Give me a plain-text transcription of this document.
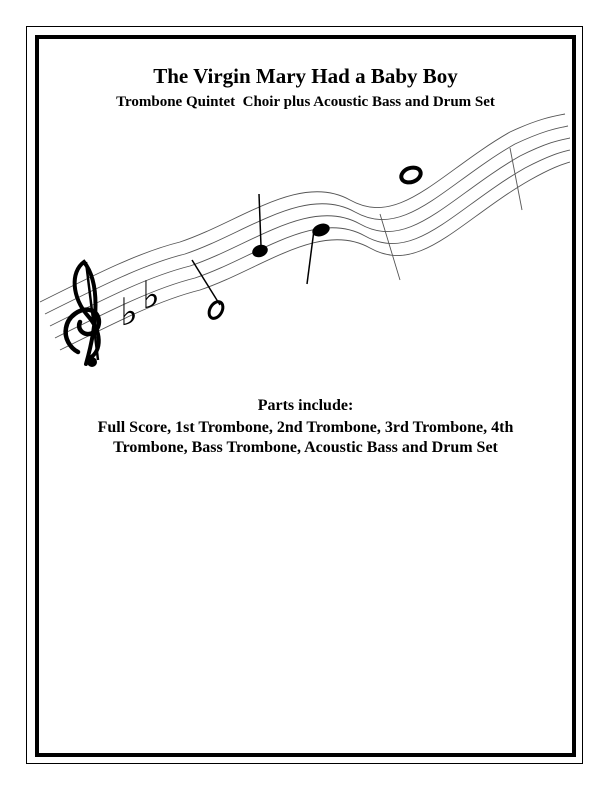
The Virgin Mary Had a Baby Boy
Trombone Quintet  Choir plus Acoustic Bass and Drum Set
♭ ♭
Parts include:
Full Score, 1st Trombone, 2nd Trombone, 3rd Trombone, 4th Trombone, Bass Trombone, Acoustic Bass and Drum Set
